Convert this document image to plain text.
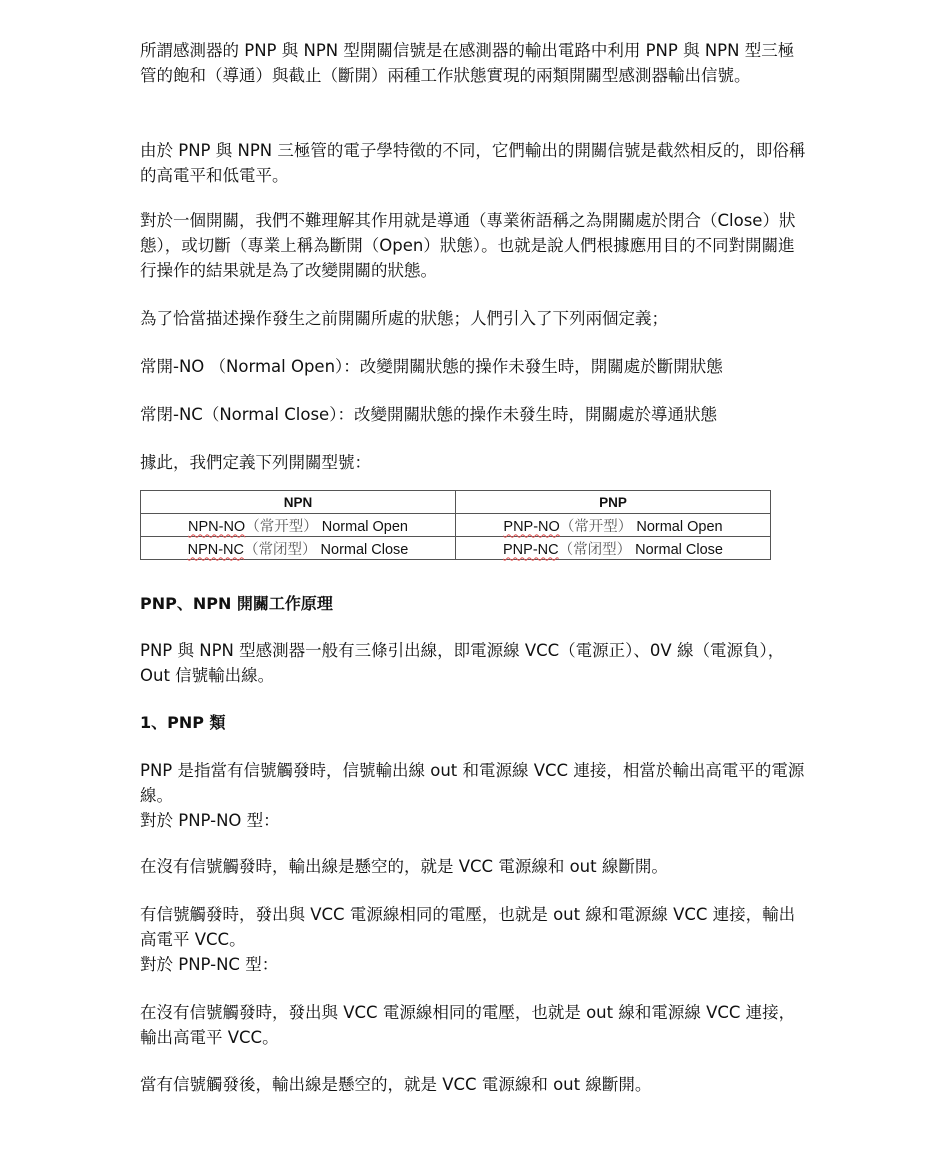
所謂感測器的 PNP 與 NPN 型開關信號是在感測器的輸出電路中利用 PNP 與 NPN 型三極管的飽和（導通）與截止（斷開）兩種工作狀態實現的兩類開關型感測器輸出信號。

由於 PNP 與 NPN 三極管的電子學特徵的不同，它們輸出的開關信號是截然相反的，即俗稱的高電平和低電平。

對於一個開關，我們不難理解其作用就是導通（專業術語稱之為開關處於閉合（Close）狀態），或切斷（專業上稱為斷開（Open）狀態）。也就是說人們根據應用目的不同對開關進行操作的結果就是為了改變開關的狀態。

為了恰當描述操作發生之前開關所處的狀態；人們引入了下列兩個定義；

常開-NO （Normal Open）：改變開關狀態的操作未發生時，開關處於斷開狀態

常閉-NC（Normal Close）：改變開關狀態的操作未發生時，開關處於導通狀態

據此，我們定義下列開關型號：

NPN	PNP
NPN-NO（常开型） Normal Open	PNP-NO（常开型） Normal Open
NPN-NC（常闭型） Normal Close	PNP-NC（常闭型） Normal Close

PNP、NPN 開關工作原理

PNP 與 NPN 型感測器一般有三條引出線，即電源線 VCC（電源正）、0V 線（電源負），Out 信號輸出線。

1、PNP 類

PNP 是指當有信號觸發時，信號輸出線 out 和電源線 VCC 連接，相當於輸出高電平的電源線。

對於 PNP-NO 型：

在沒有信號觸發時，輸出線是懸空的，就是 VCC 電源線和 out 線斷開。

有信號觸發時，發出與 VCC 電源線相同的電壓，也就是 out 線和電源線 VCC 連接，輸出高電平 VCC。

對於 PNP-NC 型：

在沒有信號觸發時，發出與 VCC 電源線相同的電壓，也就是 out 線和電源線 VCC 連接，輸出高電平 VCC。

當有信號觸發後，輸出線是懸空的，就是 VCC 電源線和 out 線斷開。
